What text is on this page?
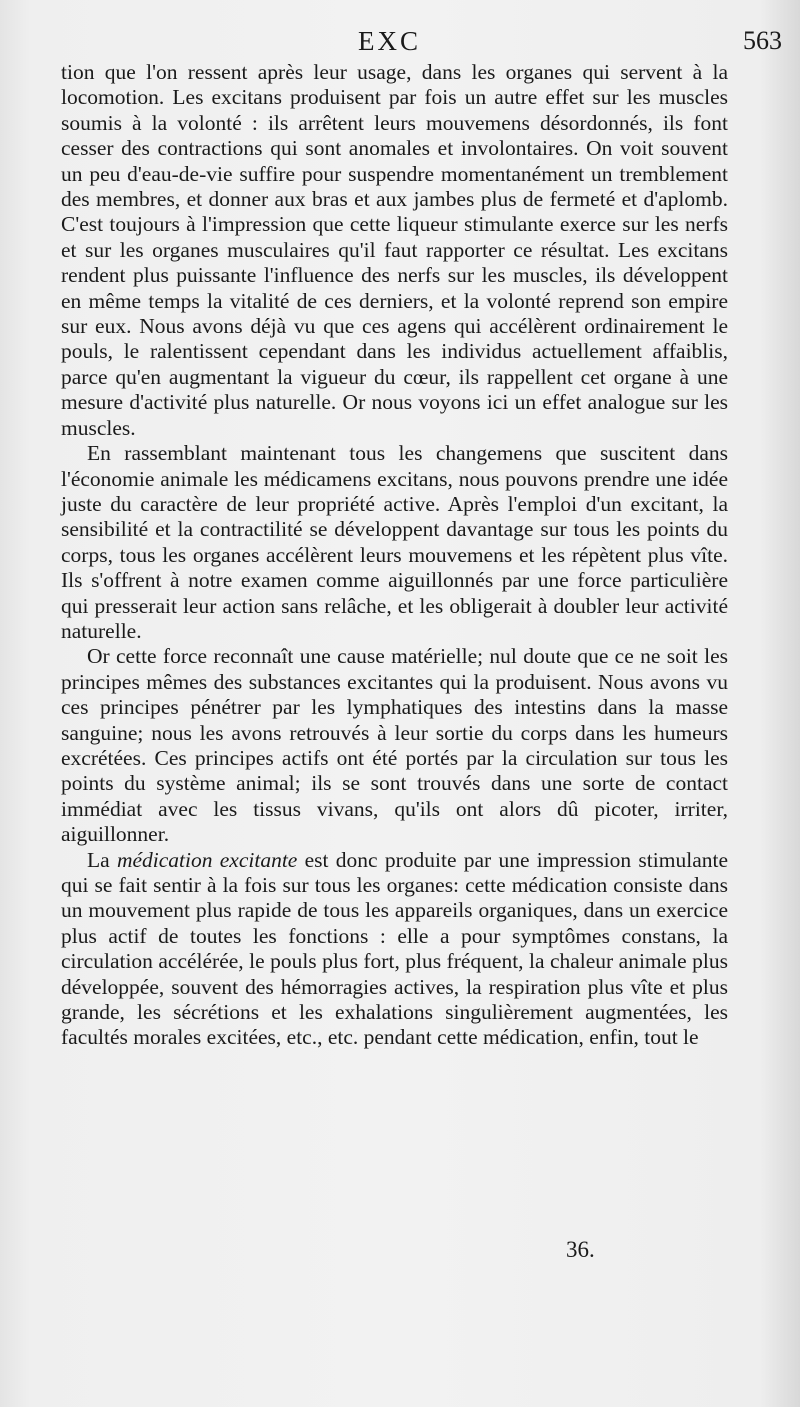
EXC	563

tion que l'on ressent après leur usage, dans les organes qui servent à la locomotion. Les excitans produisent par fois un autre effet sur les muscles soumis à la volonté : ils arrêtent leurs mouvemens désordonnés, ils font cesser des contractions qui sont anomales et involontaires. On voit souvent un peu d'eau-de-vie suffire pour suspendre momentanément un tremblement des membres, et donner aux bras et aux jambes plus de fermeté et d'aplomb. C'est toujours à l'impression que cette liqueur stimulante exerce sur les nerfs et sur les organes musculaires qu'il faut rapporter ce résultat. Les excitans rendent plus puissante l'influence des nerfs sur les muscles, ils développent en même temps la vitalité de ces derniers, et la volonté reprend son empire sur eux. Nous avons déjà vu que ces agens qui accélèrent ordinairement le pouls, le ralentissent cependant dans les individus actuellement affaiblis, parce qu'en augmentant la vigueur du cœur, ils rappellent cet organe à une mesure d'activité plus naturelle. Or nous voyons ici un effet analogue sur les muscles.

En rassemblant maintenant tous les changemens que suscitent dans l'économie animale les médicamens excitans, nous pouvons prendre une idée juste du caractère de leur propriété active. Après l'emploi d'un excitant, la sensibilité et la contractilité se développent davantage sur tous les points du corps, tous les organes accélèrent leurs mouvemens et les répètent plus vîte. Ils s'offrent à notre examen comme aiguillonnés par une force particulière qui presserait leur action sans relâche, et les obligerait à doubler leur activité naturelle.

Or cette force reconnaît une cause matérielle; nul doute que ce ne soit les principes mêmes des substances excitantes qui la produisent. Nous avons vu ces principes pénétrer par les lymphatiques des intestins dans la masse sanguine; nous les avons retrouvés à leur sortie du corps dans les humeurs excrétées. Ces principes actifs ont été portés par la circulation sur tous les points du système animal; ils se sont trouvés dans une sorte de contact immédiat avec les tissus vivans, qu'ils ont alors dû picoter, irriter, aiguillonner.

La médication excitante est donc produite par une impression stimulante qui se fait sentir à la fois sur tous les organes: cette médication consiste dans un mouvement plus rapide de tous les appareils organiques, dans un exercice plus actif de toutes les fonctions : elle a pour symptômes constans, la circulation accélérée, le pouls plus fort, plus fréquent, la chaleur animale plus développée, souvent des hémorragies actives, la respiration plus vîte et plus grande, les sécrétions et les exhalations singulièrement augmentées, les facultés morales excitées, etc., etc. pendant cette médication, enfin, tout le

36.
